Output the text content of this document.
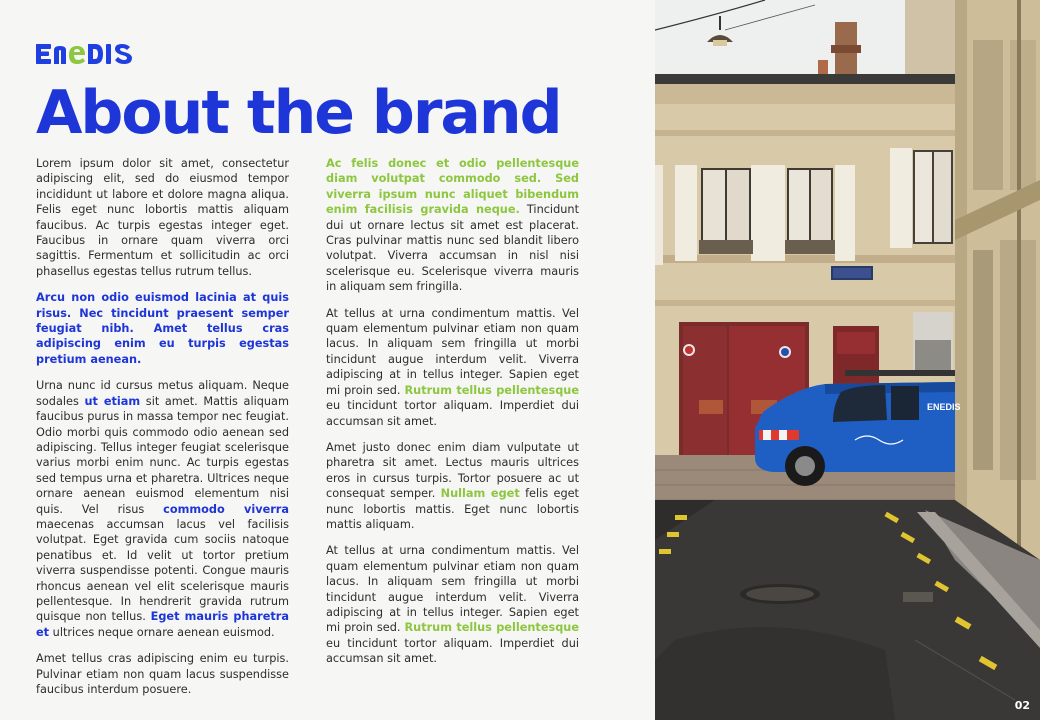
About the brand

Lorem ipsum dolor sit amet, consectetur adipiscing elit, sed do eiusmod tempor incididunt ut labore et dolore magna aliqua. Felis eget nunc lobortis mattis aliquam faucibus. Ac turpis egestas integer eget. Faucibus in ornare quam viverra orci sagittis. Fermentum et sollicitudin ac orci phasellus egestas tellus rutrum tellus.

Arcu non odio euismod lacinia at quis risus. Nec tincidunt praesent semper feugiat nibh. Amet tellus cras adipiscing enim eu turpis egestas pretium aenean.

Urna nunc id cursus metus aliquam. Neque sodales ut etiam sit amet. Mattis aliquam faucibus purus in massa tempor nec feugiat. Odio morbi quis commodo odio aenean sed adipiscing. Tellus integer feugiat scelerisque varius morbi enim nunc. Ac turpis egestas sed tempus urna et pharetra. Ultrices neque ornare aenean euismod elementum nisi quis. Vel risus commodo viverra maecenas accumsan lacus vel facilisis volutpat. Eget gravida cum sociis natoque penatibus et. Id velit ut tortor pretium viverra suspendisse potenti. Congue mauris rhoncus aenean vel elit scelerisque mauris pellentesque. In hendrerit gravida rutrum quisque non tellus. Eget mauris pharetra et ultrices neque ornare aenean euismod.

Amet tellus cras adipiscing enim eu turpis. Pulvinar etiam non quam lacus suspendisse faucibus interdum posuere.

Ac felis donec et odio pellentesque diam volutpat commodo sed. Sed viverra ipsum nunc aliquet bibendum enim facilisis gravida neque. Tincidunt dui ut ornare lectus sit amet est placerat. Cras pulvinar mattis nunc sed blandit libero volutpat. Viverra accumsan in nisl nisi scelerisque eu. Scelerisque viverra mauris in aliquam sem fringilla.

At tellus at urna condimentum mattis. Vel quam elementum pulvinar etiam non quam lacus. In aliquam sem fringilla ut morbi tincidunt augue interdum velit. Viverra adipiscing at in tellus integer. Sapien eget mi proin sed. Rutrum tellus pellentesque eu tincidunt tortor aliquam. Imperdiet dui accumsan sit amet.

Amet justo donec enim diam vulputate ut pharetra sit amet. Lectus mauris ultrices eros in cursus turpis. Tortor posuere ac ut consequat semper. Nullam eget felis eget nunc lobortis mattis. Eget nunc lobortis mattis aliquam.

At tellus at urna condimentum mattis. Vel quam elementum pulvinar etiam non quam lacus. In aliquam sem fringilla ut morbi tincidunt augue interdum velit. Viverra adipiscing at in tellus integer. Sapien eget mi proin sed. Rutrum tellus pellentesque eu tincidunt tortor aliquam. Imperdiet dui accumsan sit amet.

ENEDIS
02
